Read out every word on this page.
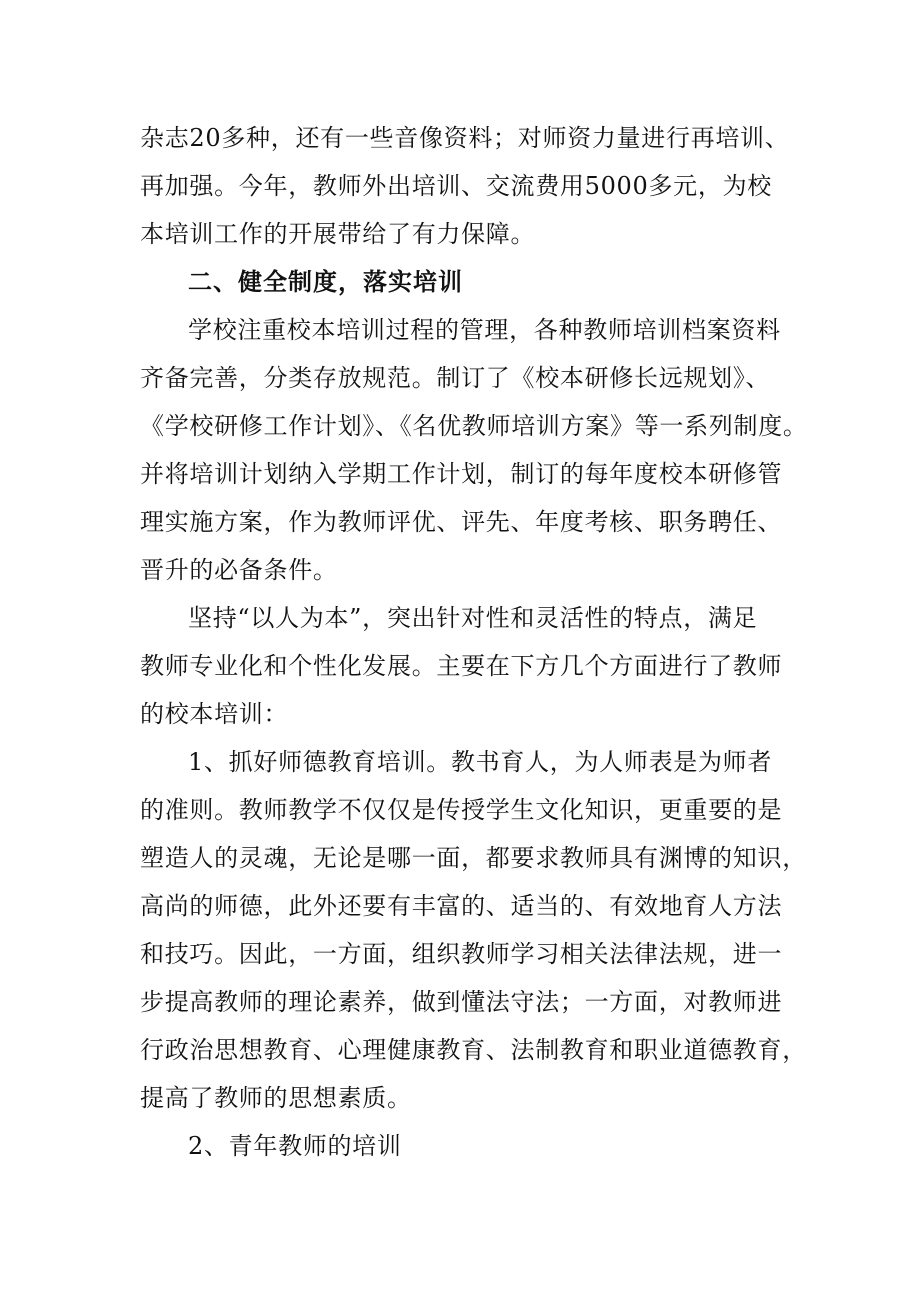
杂志20多种，还有一些音像资料；对师资力量进行再培训、
再加强。今年，教师外出培训、交流费用5000多元，为校
本培训工作的开展带给了有力保障。
二、健全制度，落实培训
学校注重校本培训过程的管理，各种教师培训档案资料
齐备完善，分类存放规范。制订了《校本研修长远规划》、
《学校研修工作计划》、《名优教师培训方案》等一系列制度。
并将培训计划纳入学期工作计划，制订的每年度校本研修管
理实施方案，作为教师评优、评先、年度考核、职务聘任、
晋升的必备条件。
坚持“以人为本”，突出针对性和灵活性的特点，满足
教师专业化和个性化发展。主要在下方几个方面进行了教师
的校本培训：
1、抓好师德教育培训。教书育人，为人师表是为师者
的准则。教师教学不仅仅是传授学生文化知识，更重要的是
塑造人的灵魂，无论是哪一面，都要求教师具有渊博的知识，
高尚的师德，此外还要有丰富的、适当的、有效地育人方法
和技巧。因此，一方面，组织教师学习相关法律法规，进一
步提高教师的理论素养，做到懂法守法；一方面，对教师进
行政治思想教育、心理健康教育、法制教育和职业道德教育，
提高了教师的思想素质。
2、青年教师的培训
